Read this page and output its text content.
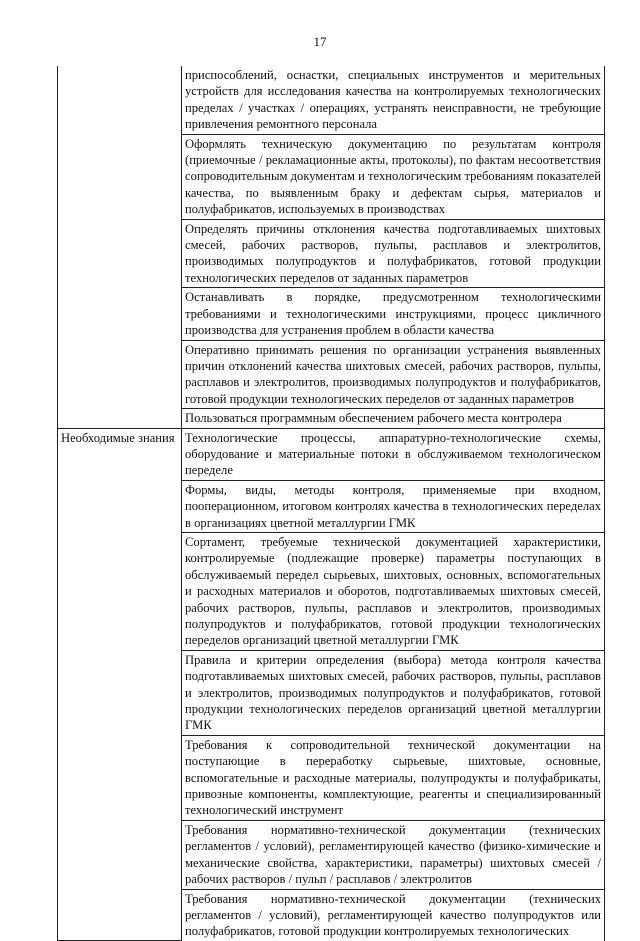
17
	приспособлений, оснастки, специальных инструментов и мерительных устройств для исследования качества на контролируемых технологических пределах / участках / операциях, устранять неисправности, не требующие привлечения ремонтного персонала
	Оформлять техническую документацию по результатам контроля (приемочные / рекламационные акты, протоколы), по фактам несоответствия сопроводительным документам и технологическим требованиям показателей качества, по выявленным браку и дефектам сырья, материалов и полуфабрикатов, используемых в производствах
	Определять причины отклонения качества подготавливаемых шихтовых смесей, рабочих растворов, пульпы, расплавов и электролитов, производимых полупродуктов и полуфабрикатов, готовой продукции технологических переделов от заданных параметров
	Останавливать в порядке, предусмотренном технологическими требованиями и технологическими инструкциями, процесс цикличного производства для устранения проблем в области качества
	Оперативно принимать решения по организации устранения выявленных причин отклонений качества шихтовых смесей, рабочих растворов, пульпы, расплавов и электролитов, производимых полупродуктов и полуфабрикатов, готовой продукции технологических переделов от заданных параметров
	Пользоваться программным обеспечением рабочего места контролера
Необходимые знания	Технологические процессы, аппаратурно-технологические схемы, оборудование и материальные потоки в обслуживаемом технологическом переделе
	Формы, виды, методы контроля, применяемые при входном, пооперационном, итоговом контролях качества в технологических переделах в организациях цветной металлургии ГМК
	Сортамент, требуемые технической документацией характеристики, контролируемые (подлежащие проверке) параметры поступающих в обслуживаемый передел сырьевых, шихтовых, основных, вспомогательных и расходных материалов и оборотов, подготавливаемых шихтовых смесей, рабочих растворов, пульпы, расплавов и электролитов, производимых полупродуктов и полуфабрикатов, готовой продукции технологических переделов организаций цветной металлургии ГМК
	Правила и критерии определения (выбора) метода контроля качества подготавливаемых шихтовых смесей, рабочих растворов, пульпы, расплавов и электролитов, производимых полупродуктов и полуфабрикатов, готовой продукции технологических переделов организаций цветной металлургии ГМК
	Требования к сопроводительной технической документации на поступающие в переработку сырьевые, шихтовые, основные, вспомогательные и расходные материалы, полупродукты и полуфабрикаты, привозные компоненты, комплектующие, реагенты и специализированный технологический инструмент
	Требования нормативно-технической документации (технических регламентов / условий), регламентирующей качество (физико-химические и механические свойства, характеристики, параметры) шихтовых смесей / рабочих растворов / пульп / расплавов / электролитов
	Требования нормативно-технической документации (технических регламентов / условий), регламентирующей качество полупродуктов или полуфабрикатов, готовой продукции контролируемых технологических
